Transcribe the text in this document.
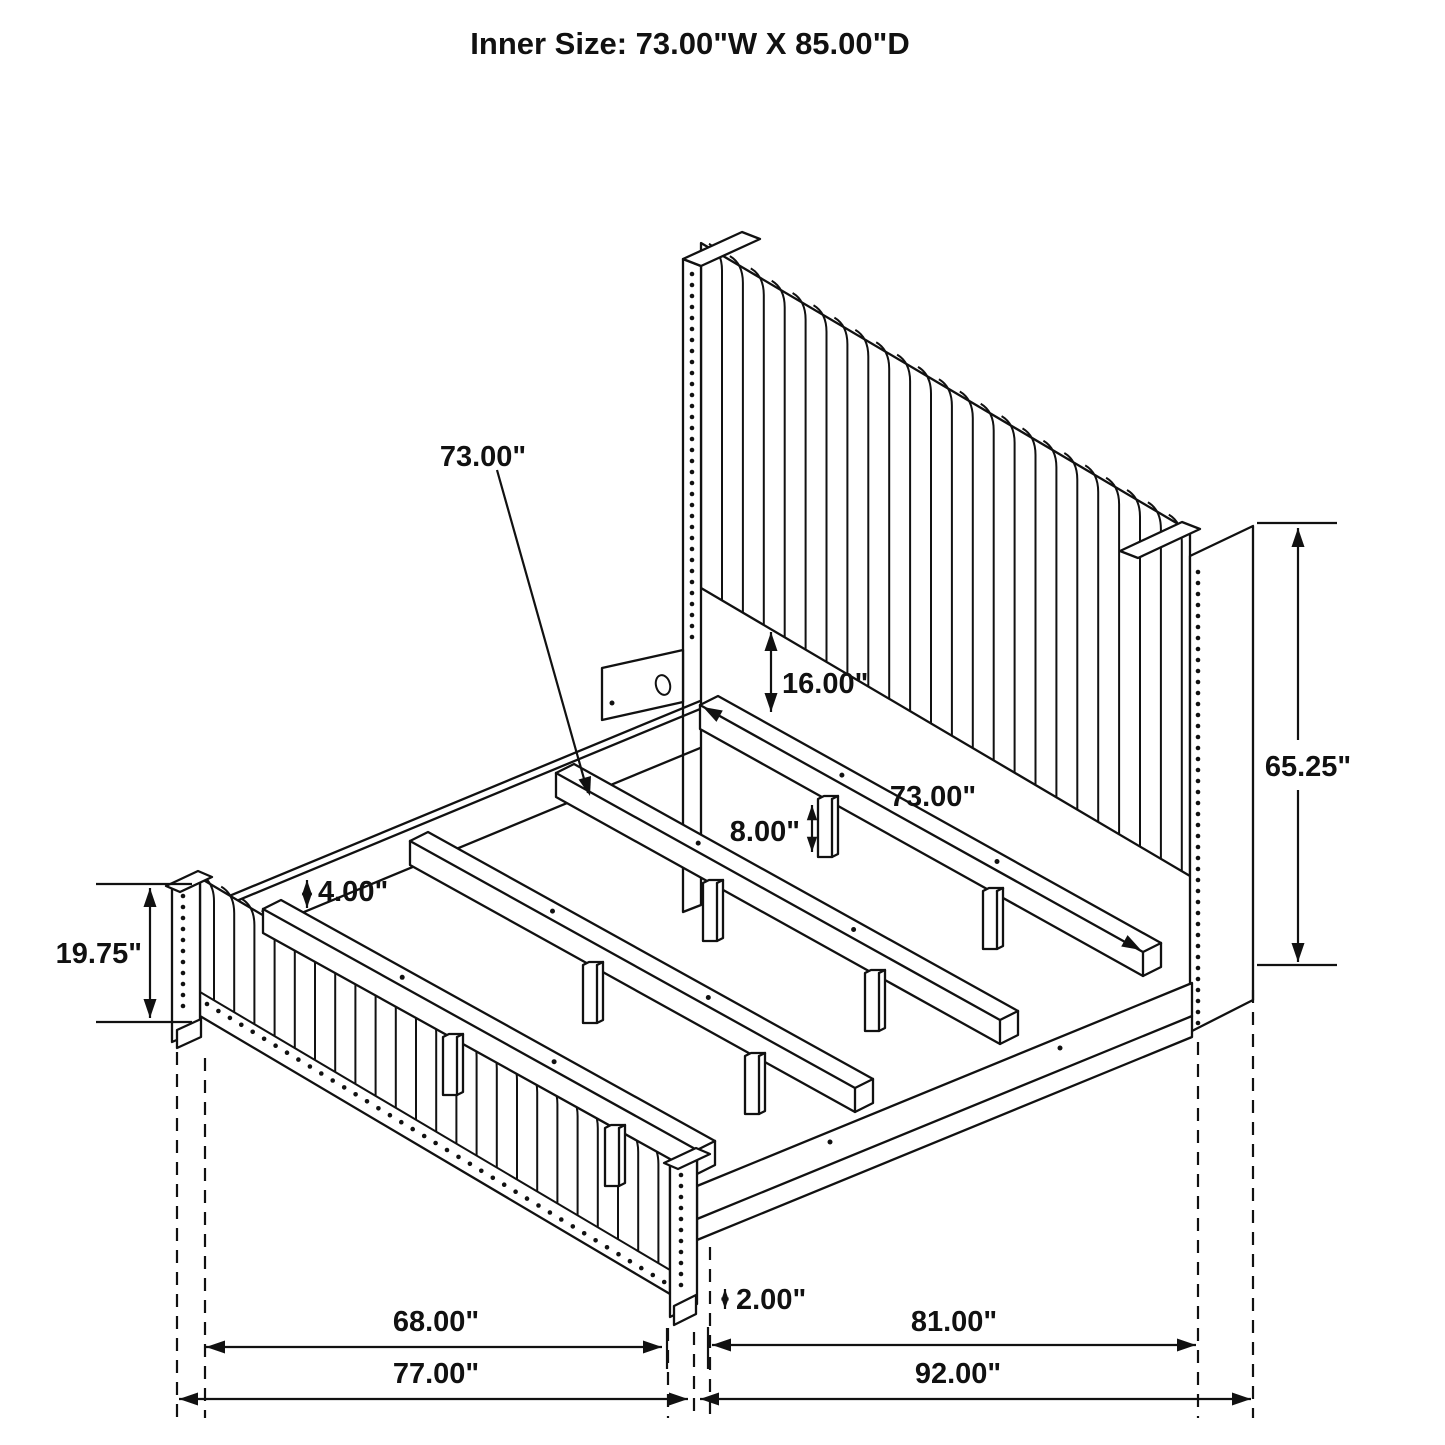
Inner Size: 73.00"W X 85.00"D
73.00"
16.00"
73.00"
8.00"
4.00"
19.75"
65.25"
2.00"
68.00"
77.00"
81.00"
92.00"
